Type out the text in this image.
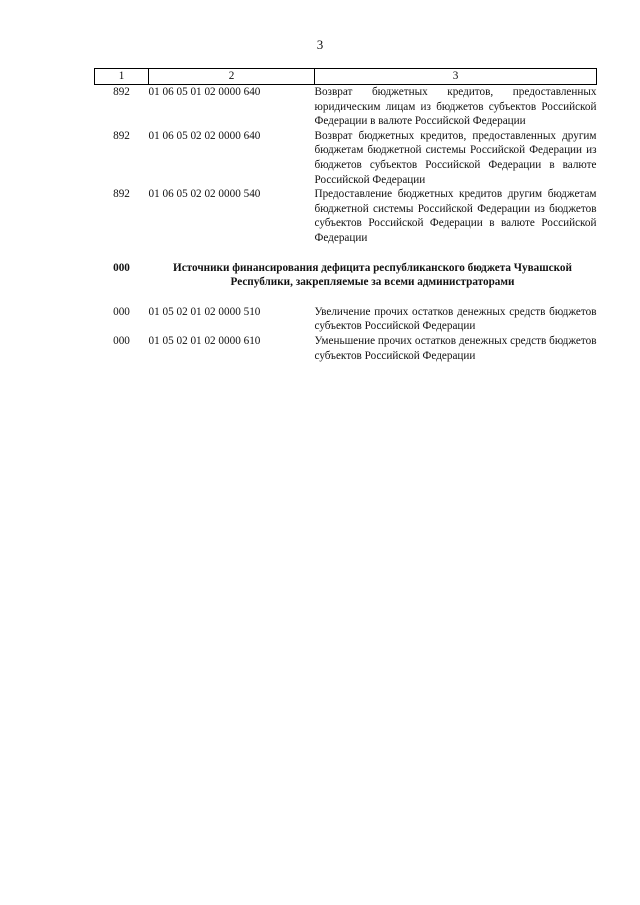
3
1	2	3
892	01 06 05 01 02 0000 640	Возврат бюджетных кредитов, предоставленных юридическим лицам из бюджетов субъектов Российской Федерации в валюте Российской Федерации
892	01 06 05 02 02 0000 640	Возврат бюджетных кредитов, предоставленных другим бюджетам бюджетной системы Российской Федерации из бюджетов субъектов Российской Федерации в валюте Российской Федерации
892	01 06 05 02 02 0000 540	Предоставление бюджетных кредитов другим бюджетам бюджетной системы Российской Федерации из бюджетов субъектов Российской Федерации в валюте Российской Федерации

000	Источники финансирования дефицита республиканского бюджета Чувашской Республики, закрепляемые за всеми администраторами	

000	01 05 02 01 02 0000 510	Увеличение прочих остатков денежных средств бюджетов субъектов Российской Федерации
000	01 05 02 01 02 0000 610	Уменьшение прочих остатков денежных средств бюджетов субъектов Российской Федерации
